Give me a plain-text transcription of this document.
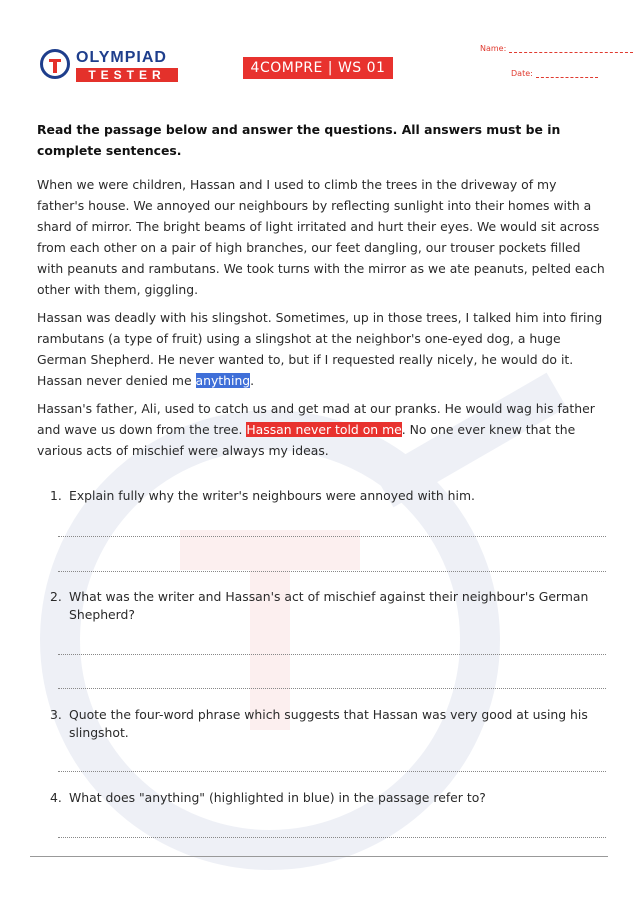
OLYMPIAD
TESTER	4COMPRE | WS 01
Name:
Date:

Read the passage below and answer the questions. All answers must be in complete sentences.

When we were children, Hassan and I used to climb the trees in the driveway of my father's house. We annoyed our neighbours by reflecting sunlight into their homes with a shard of mirror. The bright beams of light irritated and hurt their eyes. We would sit across from each other on a pair of high branches, our feet dangling, our trouser pockets filled with peanuts and rambutans. We took turns with the mirror as we ate peanuts, pelted each other with them, giggling.

Hassan was deadly with his slingshot. Sometimes, up in those trees, I talked him into firing rambutans (a type of fruit) using a slingshot at the neighbor's one-eyed dog, a huge German Shepherd. He never wanted to, but if I requested really nicely, he would do it. Hassan never denied me anything.

Hassan's father, Ali, used to catch us and get mad at our pranks. He would wag his father and wave us down from the tree. Hassan never told on me. No one ever knew that the various acts of mischief were always my ideas.

1. Explain fully why the writer's neighbours were annoyed with him.
2. What was the writer and Hassan's act of mischief against their neighbour's German Shepherd?
3. Quote the four-word phrase which suggests that Hassan was very good at using his slingshot.
4. What does "anything" (highlighted in blue) in the passage refer to?
